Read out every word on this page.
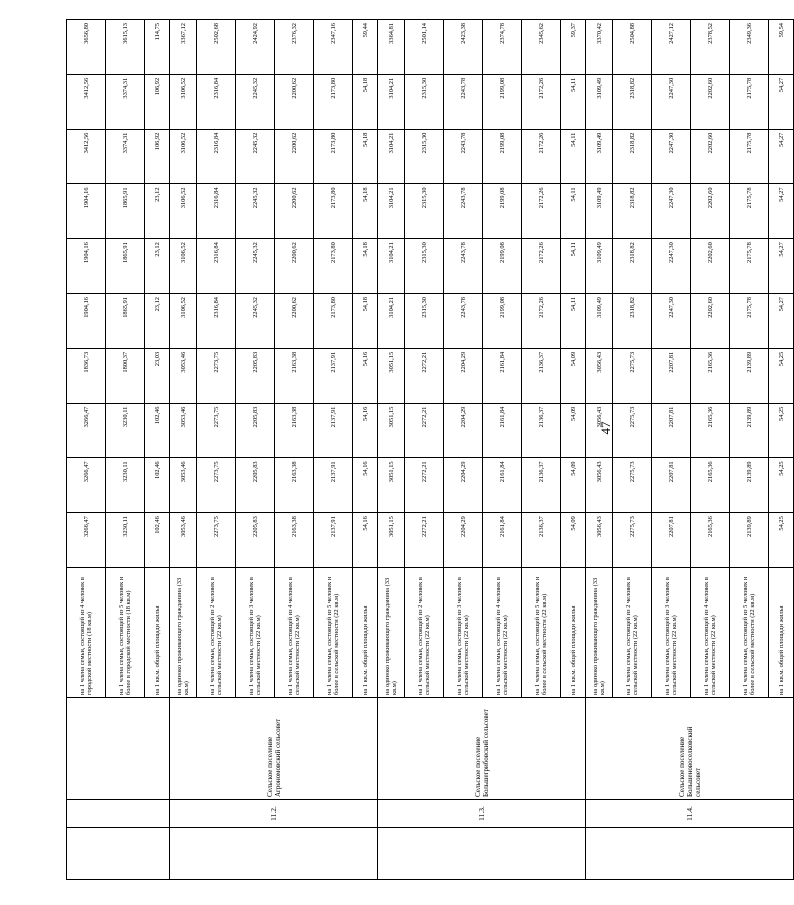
47
			на 1 члена семьи, состоящей из 4 человек в городской местности (18 кв.м)	3266,47	3266,47	3266,47	1836,73	1904,16	1904,16	1904,16	3412,56	3412,56	3656,80
			на 1 члена семьи, состоящей из 5 человек и более в городской местности (18 кв.м)	3230,11	3230,11	3230,11	1800,37	1865,91	1865,91	1865,91	3374,31	3374,31	3615,13
			на 1 кв.м. общей площади жилья	102,46	102,46	102,46	23,03	23,12	23,12	23,12	106,92	106,92	114,75
	11.2.	Сельское поселение Агрономовский сельсовет	на одиноко проживающего гражданина (33 кв.м)	3053,46	3053,46	3053,46	3053,46	3106,52	3106,52	3106,52	3106,52	3106,52	3367,12
			на 1 члена семьи, состоящей из 2 человек в сельской местности (22 кв.м)	2273,75	2273,75	2273,75	2273,75	2316,84	2316,84	2316,84	2316,84	2316,84	2502,68
			на 1 члена семьи, состоящей из 3 человек в сельской местности (22 кв.м)	2205,83	2205,83	2205,83	2205,83	2245,32	2245,32	2245,32	2245,32	2245,32	2424,92
			на 1 члена семьи, состоящей из 4 человек в сельской местности (22 кв.м)	2163,38	2163,38	2163,38	2163,38	2200,62	2200,62	2200,62	2200,62	2200,62	2376,32
			на 1 члена семьи, состоящей из 5 человек и более в сельской местности (22 кв.м)	2137,91	2137,91	2137,91	2137,91	2173,80	2173,80	2173,80	2173,80	2173,80	2347,16
			на 1 кв.м. общей площади жилья	54,16	54,16	54,16	54,16	54,18	54,18	54,18	54,18	54,18	59,44
	11.3.	Сельское поселение Большегрибовский сельсовет	на одиноко проживающего гражданина (33 кв.м)	3051,15	3051,15	3051,15	3051,15	3104,21	3104,21	3104,21	3104,21	3104,21	3364,81
			на 1 члена семьи, состоящей из 2 человек в сельской местности (22 кв.м)	2272,21	2272,21	2272,21	2272,21	2315,30	2315,30	2315,30	2315,30	2315,30	2501,14
			на 1 члена семьи, состоящей из 3 человек в сельской местности (22 кв.м)	2204,29	2204,29	2204,29	2204,29	2243,78	2243,78	2243,78	2243,78	2243,78	2423,38
			на 1 члена семьи, состоящей из 4 человек в сельской местности (22 кв.м)	2161,84	2161,84	2161,84	2161,84	2199,08	2199,08	2199,08	2199,08	2199,08	2374,78
			на 1 члена семьи, состоящей из 5 человек и более в сельской местности (22 кв.м)	2136,37	2136,37	2136,37	2136,37	2172,26	2172,26	2172,26	2172,26	2172,26	2345,62
			на 1 кв.м. общей площади жилья	54,09	54,09	54,09	54,09	54,11	54,11	54,11	54,11	54,11	59,37
	11.4.	Сельское поселение Большеновоселковский сельсовет	на одиноко проживающего гражданина (33 кв.м)	3056,43	3056,43	3056,43	3056,43	3109,49	3109,49	3109,49	3109,49	3109,49	3370,42
			на 1 члена семьи, состоящей из 2 человек в сельской местности (22 кв.м)	2275,73	2275,73	2275,73	2275,73	2318,82	2318,82	2318,82	2318,82	2318,82	2504,88
			на 1 члена семьи, состоящей из 3 человек в сельской местности (22 кв.м)	2207,81	2207,81	2207,81	2207,81	2247,30	2247,30	2247,30	2247,30	2247,30	2427,12
			на 1 члена семьи, состоящей из 4 человек в сельской местности (22 кв.м)	2165,36	2165,36	2165,36	2165,36	2202,60	2202,60	2202,60	2202,60	2202,60	2378,52
			на 1 члена семьи, состоящей из 5 человек и более в сельской местности (22 кв.м)	2139,89	2139,89	2139,89	2139,89	2175,78	2175,78	2175,78	2175,78	2175,78	2349,36
			на 1 кв.м. общей площади жилья	54,25	54,25	54,25	54,25	54,27	54,27	54,27	54,27	54,27	59,54
